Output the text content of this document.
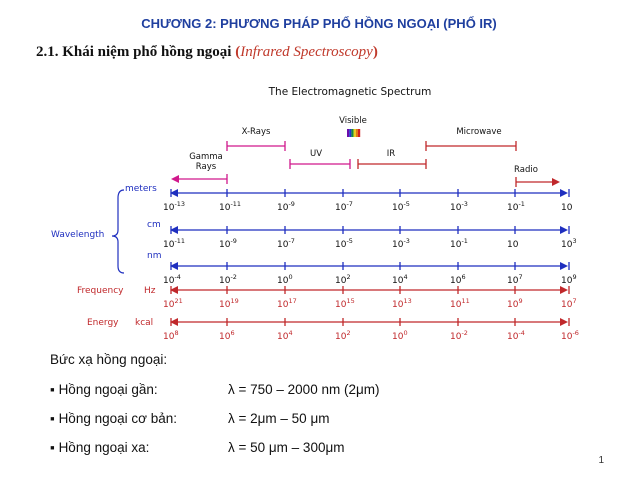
CHƯƠNG 2: PHƯƠNG PHÁP PHỔ HỒNG NGOẠI (PHỔ IR)
2.1. Khái niệm phổ hồng ngoại (Infrared Spectroscopy)
The Electromagnetic Spectrum
Visible
X-Rays	Microwave
Gamma
Rays
UV	IR
Radio
Wavelength
meters
$10^{-13}$	$10^{-11}$	$10^{-9}$	$10^{-7}$	$10^{-5}$	$10^{-3}$	$10^{-1}$	10
cm
$10^{-11}$	$10^{-9}$	$10^{-7}$	$10^{-5}$	$10^{-3}$	$10^{-1}$	10	$10^3$
nm
$10^{-4}$	$10^{-2}$	$10^0$	$10^2$	$10^4$	$10^6$	$10^7$	$10^9$
Frequency Hz
$10^{21}$	$10^{19}$	$10^{17}$	$10^{15}$	$10^{13}$	$10^{11}$	$10^9$	$10^7$
Energy kcal
$10^8$	$10^6$	$10^4$	$10^2$	$10^0$	$10^{-2}$	$10^{-4}$	$10^{-6}$
Bức xạ hồng ngoại:
▪ Hồng ngoại gần:	λ = 750 – 2000 nm (2μm)
▪ Hồng ngoại cơ bản:	λ = 2μm – 50 μm
▪ Hồng ngoại xa:	λ = 50 μm – 300μm
1
